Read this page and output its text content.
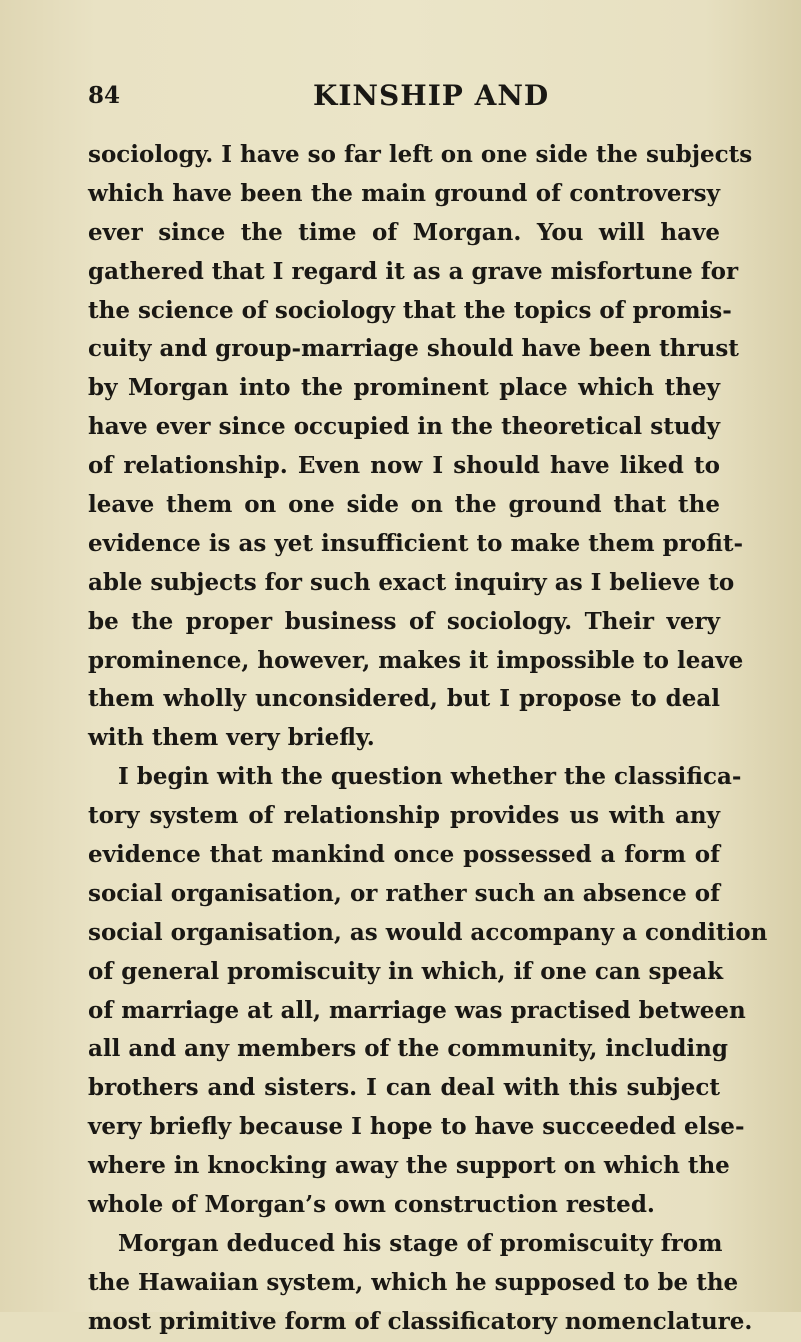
84	KINSHIP AND
sociology. I have so far left on one side the subjects
which have been the main ground of controversy
ever since the time of Morgan. You will have
gathered that I regard it as a grave misfortune for
the science of sociology that the topics of promis-
cuity and group-marriage should have been thrust
by Morgan into the prominent place which they
have ever since occupied in the theoretical study
of relationship. Even now I should have liked to
leave them on one side on the ground that the
evidence is as yet insufficient to make them profit-
able subjects for such exact inquiry as I believe to
be the proper business of sociology. Their very
prominence, however, makes it impossible to leave
them wholly unconsidered, but I propose to deal
with them very briefly.
I begin with the question whether the classifica-
tory system of relationship provides us with any
evidence that mankind once possessed a form of
social organisation, or rather such an absence of
social organisation, as would accompany a condition
of general promiscuity in which, if one can speak
of marriage at all, marriage was practised between
all and any members of the community, including
brothers and sisters. I can deal with this subject
very briefly because I hope to have succeeded else-
where in knocking away the support on which the
whole of Morgan’s own construction rested.
Morgan deduced his stage of promiscuity from
the Hawaiian system, which he supposed to be the
most primitive form of classificatory nomenclature.
